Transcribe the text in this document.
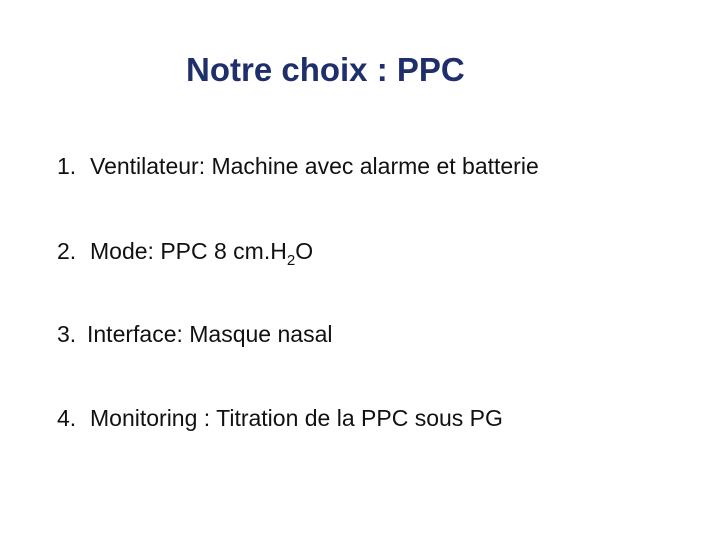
Notre choix : PPC
1. Ventilateur: Machine avec alarme et batterie
2. Mode: PPC 8 $cm.H_2O$
3. Interface: Masque nasal
4. Monitoring : Titration de la PPC sous PG
